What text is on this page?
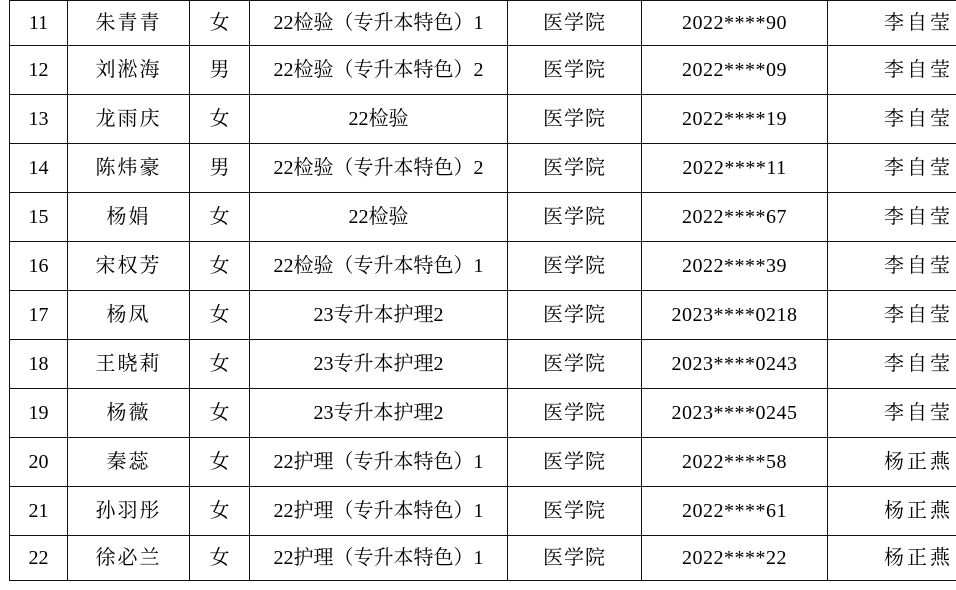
11	朱青青	女	22检验（专升本特色）1	医学院	2022****90	李自莹
12	刘淞海	男	22检验（专升本特色）2	医学院	2022****09	李自莹
13	龙雨庆	女	22检验	医学院	2022****19	李自莹
14	陈炜豪	男	22检验（专升本特色）2	医学院	2022****11	李自莹
15	杨娟	女	22检验	医学院	2022****67	李自莹
16	宋权芳	女	22检验（专升本特色）1	医学院	2022****39	李自莹
17	杨凤	女	23专升本护理2	医学院	2023****0218	李自莹
18	王晓莉	女	23专升本护理2	医学院	2023****0243	李自莹
19	杨薇	女	23专升本护理2	医学院	2023****0245	李自莹
20	秦蕊	女	22护理（专升本特色）1	医学院	2022****58	杨正燕
21	孙羽彤	女	22护理（专升本特色）1	医学院	2022****61	杨正燕
22	徐必兰	女	22护理（专升本特色）1	医学院	2022****22	杨正燕
